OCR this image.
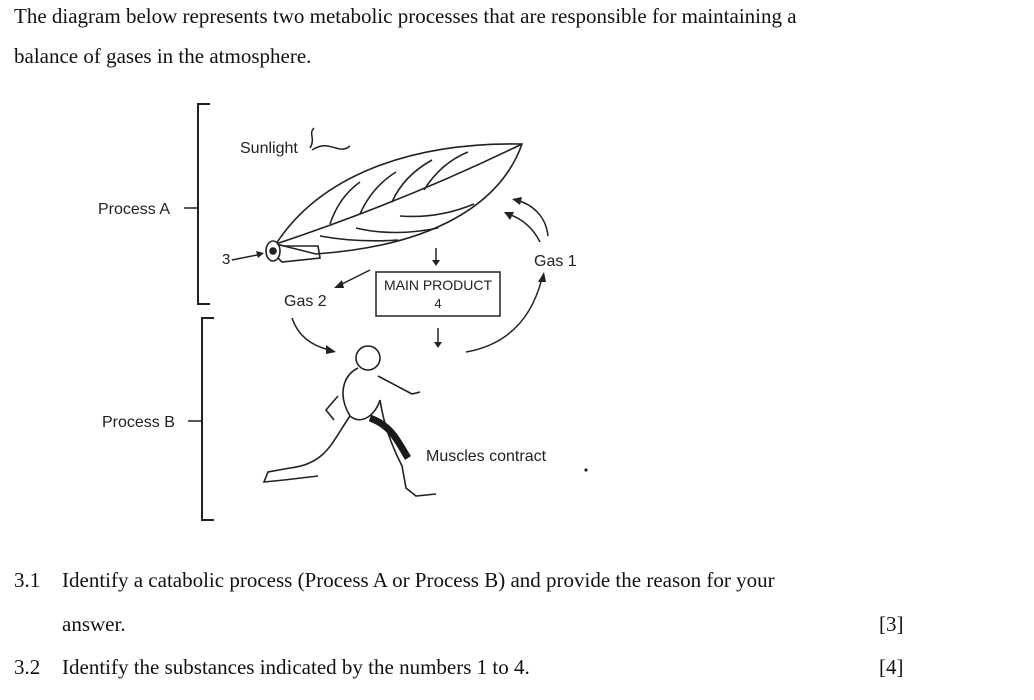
The diagram below represents two metabolic processes that are responsible for maintaining a
balance of gases in the atmosphere.

Process A
Process B
Sunlight
3	Gas 1
Gas 2
MAIN PRODUCT
4
Muscles contract
3.1 Identify a catabolic process (Process A or Process B) and provide the reason for your
answer.	[3]
3.2 Identify the substances indicated by the numbers 1 to 4.	[4]
